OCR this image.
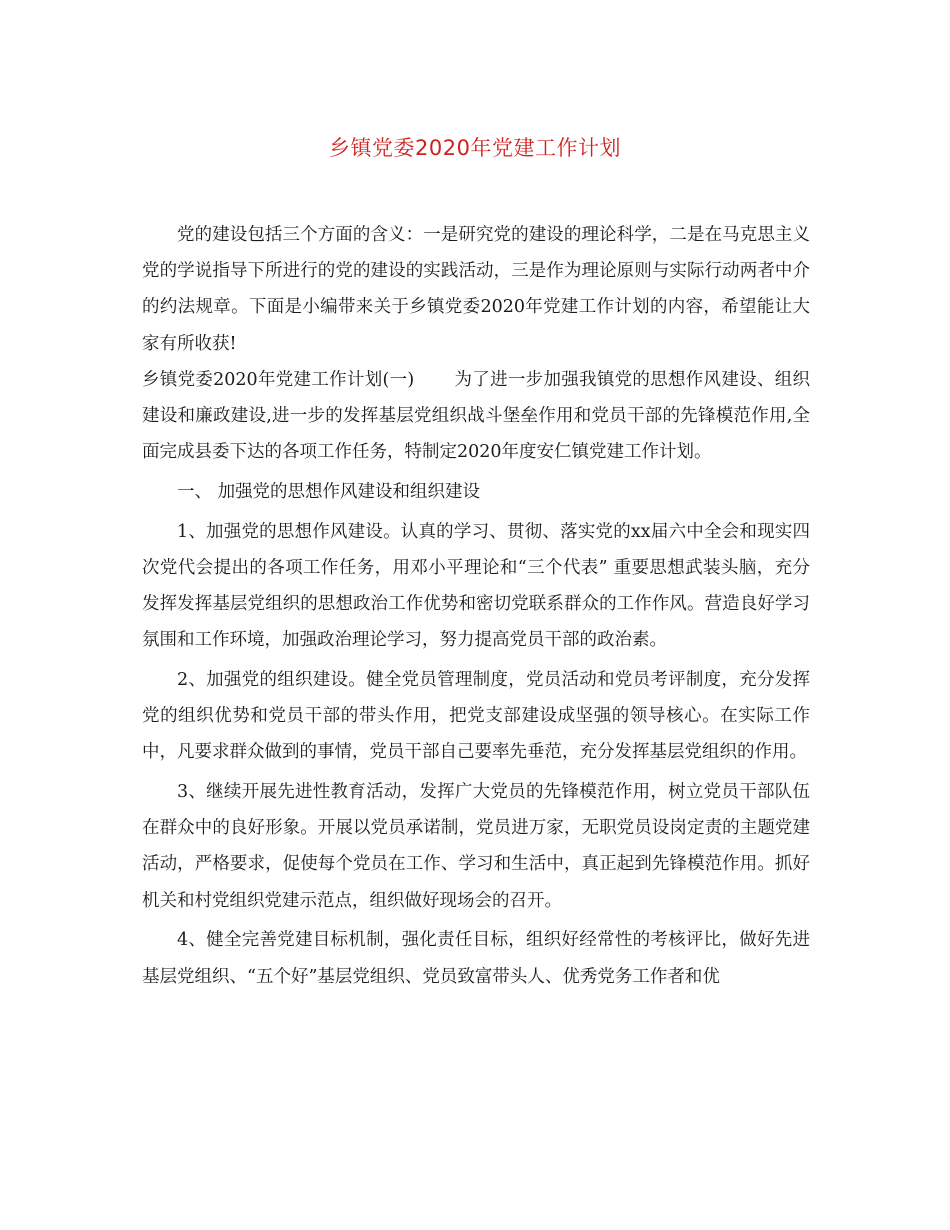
乡镇党委2020年党建工作计划

党的建设包括三个方面的含义：一是研究党的建设的理论科学，二是在马克思主义党的学说指导下所进行的党的建设的实践活动，三是作为理论原则与实际行动两者中介的约法规章。下面是小编带来关于乡镇党委2020年党建工作计划的内容，希望能让大家有所收获!

乡镇党委2020年党建工作计划(一) 为了进一步加强我镇党的思想作风建设、组织建设和廉政建设,进一步的发挥基层党组织战斗堡垒作用和党员干部的先锋模范作用,全面完成县委下达的各项工作任务，特制定2020年度安仁镇党建工作计划。

一、 加强党的思想作风建设和组织建设

1、加强党的思想作风建设。认真的学习、贯彻、落实党的xx届六中全会和现实四次党代会提出的各项工作任务，用邓小平理论和“三个代表” 重要思想武装头脑，充分发挥发挥基层党组织的思想政治工作优势和密切党联系群众的工作作风。营造良好学习氛围和工作环境，加强政治理论学习，努力提高党员干部的政治素。

2、加强党的组织建设。健全党员管理制度，党员活动和党员考评制度，充分发挥党的组织优势和党员干部的带头作用，把党支部建设成坚强的领导核心。在实际工作中，凡要求群众做到的事情，党员干部自己要率先垂范，充分发挥基层党组织的作用。

3、继续开展先进性教育活动，发挥广大党员的先锋模范作用，树立党员干部队伍在群众中的良好形象。开展以党员承诺制，党员进万家，无职党员设岗定责的主题党建活动，严格要求，促使每个党员在工作、学习和生活中，真正起到先锋模范作用。抓好机关和村党组织党建示范点，组织做好现场会的召开。

4、健全完善党建目标机制，强化责任目标，组织好经常性的考核评比，做好先进基层党组织、“五个好”基层党组织、党员致富带头人、优秀党务工作者和优
